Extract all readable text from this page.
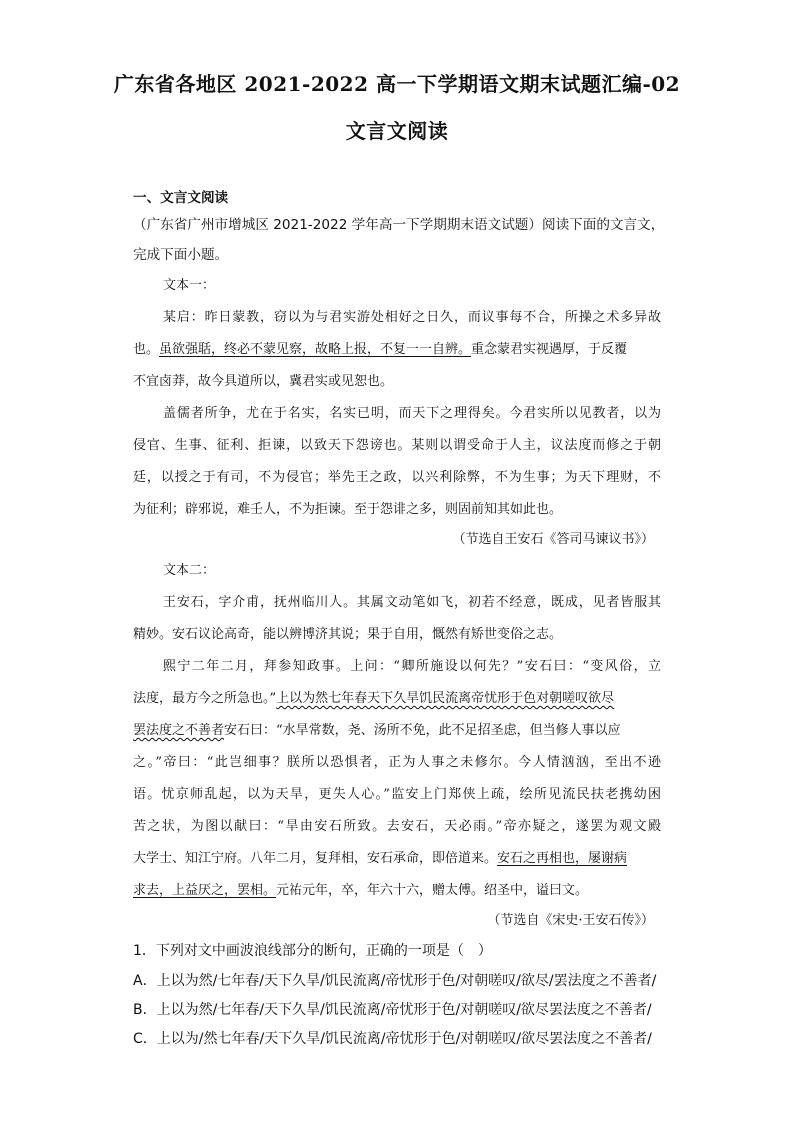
广东省各地区 2021-2022 高一下学期语文期末试题汇编-02
文言文阅读
一、文言文阅读
（广东省广州市增城区 2021-2022 学年高一下学期期末语文试题）阅读下面的文言文，
完成下面小题。
文本一：
某启：昨日蒙教，窃以为与君实游处相好之日久，而议事每不合，所操之术多异故
也。虽欲强聒，终必不蒙见察，故略上报，不复一一自辨。重念蒙君实视遇厚，于反覆
不宜卤莽，故今具道所以，冀君实或见恕也。
盖儒者所争，尤在于名实，名实已明，而天下之理得矣。今君实所以见教者，以为
侵官、生事、征利、拒谏，以致天下怨谤也。某则以谓受命于人主，议法度而修之于朝
廷，以授之于有司，不为侵官；举先王之政，以兴利除弊，不为生事；为天下理财，不
为征利；辟邪说，难壬人，不为拒谏。至于怨诽之多，则固前知其如此也。
（节选自王安石《答司马谏议书》）
文本二：
王安石，字介甫，抚州临川人。其属文动笔如飞，初若不经意，既成，见者皆服其
精妙。安石议论高奇，能以辨博济其说；果于自用，慨然有矫世变俗之志。
熙宁二年二月，拜参知政事。上问：“卿所施设以何先？”安石曰：“变风俗，立
法度，最方今之所急也。”上以为然七年春天下久旱饥民流离帝忧形于色对朝嗟叹欲尽
罢法度之不善者安石曰：“水旱常数，尧、汤所不免，此不足招圣虑，但当修人事以应
之。”帝曰：“此岂细事？朕所以恐惧者，正为人事之未修尔。今人情汹汹，至出不逊
语。忧京师乱起，以为天旱，更失人心。”监安上门郑侠上疏，绘所见流民扶老携幼困
苦之状，为图以献曰：“旱由安石所致。去安石，天必雨。”帝亦疑之，遂罢为观文殿
大学士、知江宁府。八年二月，复拜相，安石承命，即倍道来。安石之再相也，屡谢病
求去，上益厌之，罢相。元祐元年，卒，年六十六，赠太傅。绍圣中，谥曰文。
（节选自《宋史·王安石传》）
1．下列对文中画波浪线部分的断句，正确的一项是（　）
A．上以为然/七年春/天下久旱/饥民流离/帝忧形于色/对朝嗟叹/欲尽/罢法度之不善者/
B．上以为然/七年春/天下久旱/饥民流离/帝忧形于色/对朝嗟叹/欲尽罢法度之不善者/
C．上以为/然七年春/天下久旱/饥民流离/帝忧形于色/对朝嗟叹/欲尽罢法度之不善者/
